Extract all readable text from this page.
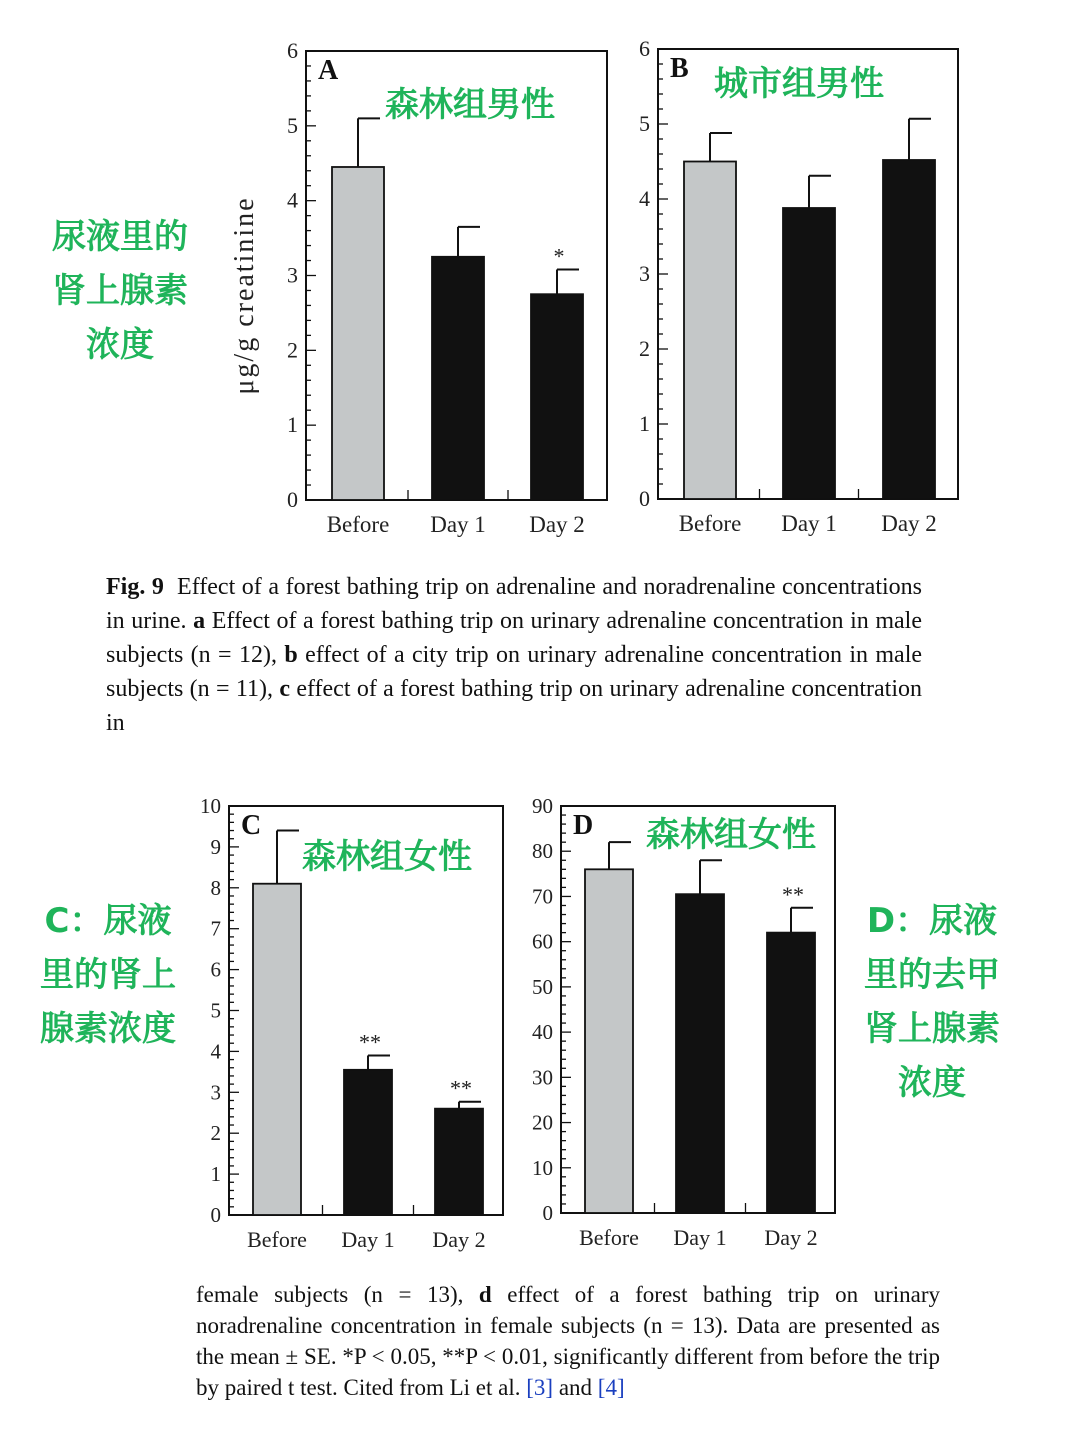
0
1
2
3
4
5
6
A
Before Day 1
*
Day 2
μg/g creatinine
0
1
2
3
4
5
6
B
Before Day 1 Day 2
0
1
2
3
4
5
6
7
8
9
10
C
Before
**
Day 1
**
Day 2
0
10
20
30
40
50
60
70
80
90
D
Before Day 1
**
Day 2
森林组男性
城市组男性
森林组女性
森林组女性
尿液里的
肾上腺素
浓度
C：尿液
里的肾上
腺素浓度
D：尿液
里的去甲
肾上腺素
浓度

Fig. 9 Effect of a forest bathing trip on adrenaline and noradrenaline concentrations in urine. a Effect of a forest bathing trip on urinary adrenaline concentration in male subjects (n = 12), b effect of a city trip on urinary adrenaline concentration in male subjects (n = 11), c effect of a forest bathing trip on urinary adrenaline concentration in

female subjects (n = 13), d effect of a forest bathing trip on urinary noradrenaline concentration in female subjects (n = 13). Data are presented as the mean ± SE. *P < 0.05, **P < 0.01, significantly different from before the trip by paired t test. Cited from Li et al. [3] and [4]
